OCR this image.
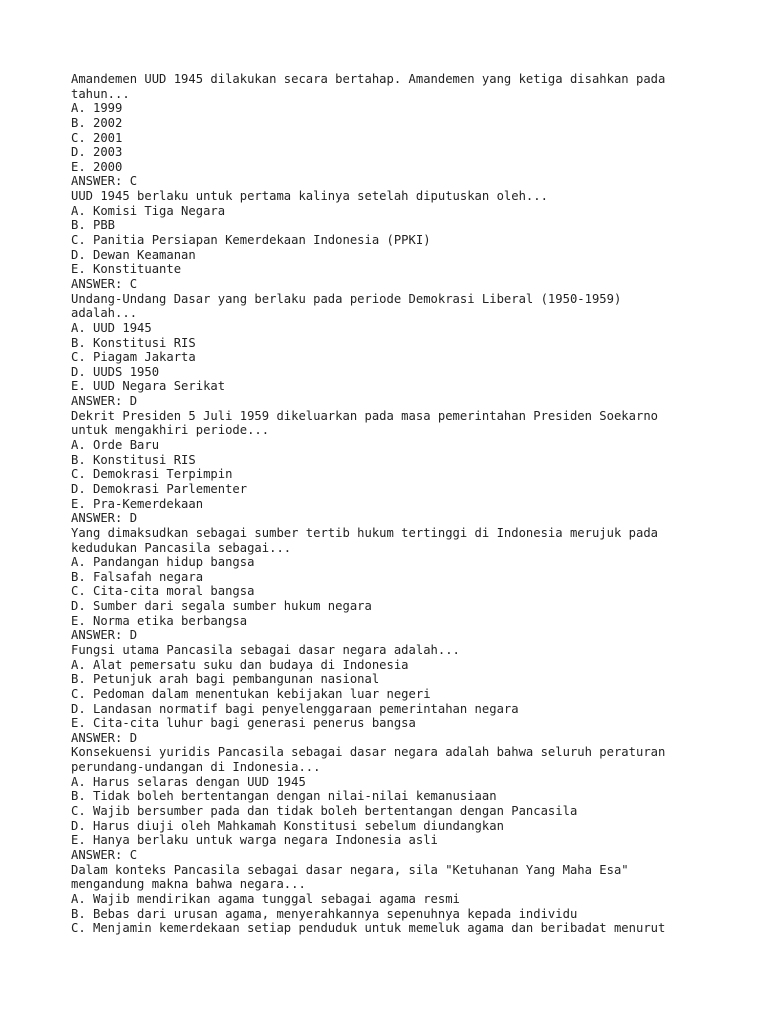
Amandemen UUD 1945 dilakukan secara bertahap. Amandemen yang ketiga disahkan pada
tahun...
A. 1999
B. 2002
C. 2001
D. 2003
E. 2000
ANSWER: C
UUD 1945 berlaku untuk pertama kalinya setelah diputuskan oleh...
A. Komisi Tiga Negara
B. PBB
C. Panitia Persiapan Kemerdekaan Indonesia (PPKI)
D. Dewan Keamanan
E. Konstituante
ANSWER: C
Undang-Undang Dasar yang berlaku pada periode Demokrasi Liberal (1950-1959)
adalah...
A. UUD 1945
B. Konstitusi RIS
C. Piagam Jakarta
D. UUDS 1950
E. UUD Negara Serikat
ANSWER: D
Dekrit Presiden 5 Juli 1959 dikeluarkan pada masa pemerintahan Presiden Soekarno
untuk mengakhiri periode...
A. Orde Baru
B. Konstitusi RIS
C. Demokrasi Terpimpin
D. Demokrasi Parlementer
E. Pra-Kemerdekaan
ANSWER: D
Yang dimaksudkan sebagai sumber tertib hukum tertinggi di Indonesia merujuk pada
kedudukan Pancasila sebagai...
A. Pandangan hidup bangsa
B. Falsafah negara
C. Cita-cita moral bangsa
D. Sumber dari segala sumber hukum negara
E. Norma etika berbangsa
ANSWER: D
Fungsi utama Pancasila sebagai dasar negara adalah...
A. Alat pemersatu suku dan budaya di Indonesia
B. Petunjuk arah bagi pembangunan nasional
C. Pedoman dalam menentukan kebijakan luar negeri
D. Landasan normatif bagi penyelenggaraan pemerintahan negara
E. Cita-cita luhur bagi generasi penerus bangsa
ANSWER: D
Konsekuensi yuridis Pancasila sebagai dasar negara adalah bahwa seluruh peraturan
perundang-undangan di Indonesia...
A. Harus selaras dengan UUD 1945
B. Tidak boleh bertentangan dengan nilai-nilai kemanusiaan
C. Wajib bersumber pada dan tidak boleh bertentangan dengan Pancasila
D. Harus diuji oleh Mahkamah Konstitusi sebelum diundangkan
E. Hanya berlaku untuk warga negara Indonesia asli
ANSWER: C
Dalam konteks Pancasila sebagai dasar negara, sila "Ketuhanan Yang Maha Esa"
mengandung makna bahwa negara...
A. Wajib mendirikan agama tunggal sebagai agama resmi
B. Bebas dari urusan agama, menyerahkannya sepenuhnya kepada individu
C. Menjamin kemerdekaan setiap penduduk untuk memeluk agama dan beribadat menurut
